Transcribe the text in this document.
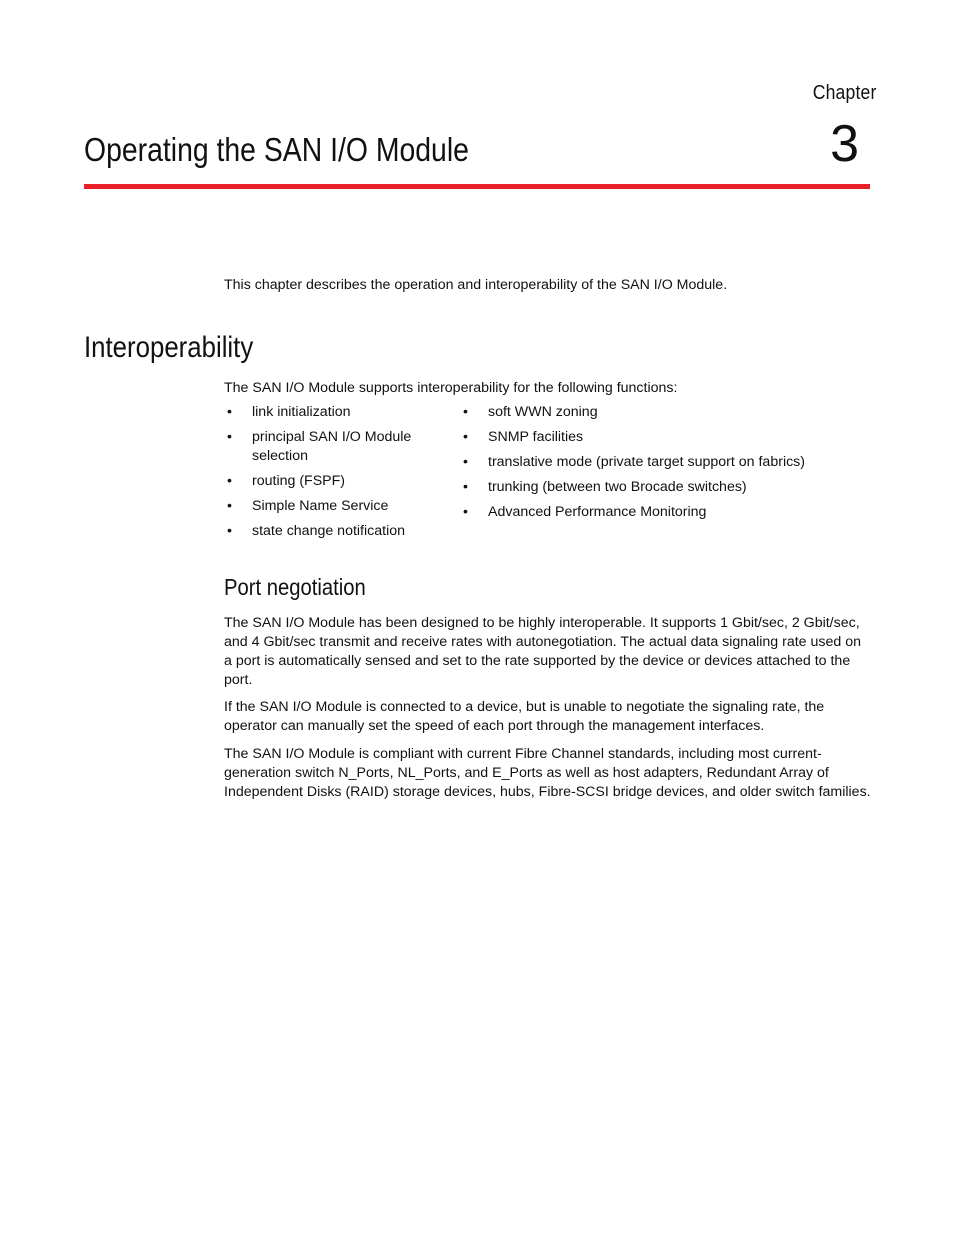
Chapter
3
Operating the SAN I/O Module

This chapter describes the operation and interoperability of the SAN I/O Module.

Interoperability

The SAN I/O Module supports interoperability for the following functions:

• link initialization
• principal SAN I/O Module selection
• routing (FSPF)
• Simple Name Service
• state change notification
• soft WWN zoning
• SNMP facilities
• translative mode (private target support on fabrics)
• trunking (between two Brocade switches)
• Advanced Performance Monitoring
Port negotiation

The SAN I/O Module has been designed to be highly interoperable. It supports 1 Gbit/sec, 2 Gbit/sec, and 4 Gbit/sec transmit and receive rates with autonegotiation. The actual data signaling rate used on a port is automatically sensed and set to the rate supported by the device or devices attached to the port.

If the SAN I/O Module is connected to a device, but is unable to negotiate the signaling rate, the operator can manually set the speed of each port through the management interfaces.

The SAN I/O Module is compliant with current Fibre Channel standards, including most current-generation switch N_Ports, NL_Ports, and E_Ports as well as host adapters, Redundant Array of Independent Disks (RAID) storage devices, hubs, Fibre-SCSI bridge devices, and older switch families.
